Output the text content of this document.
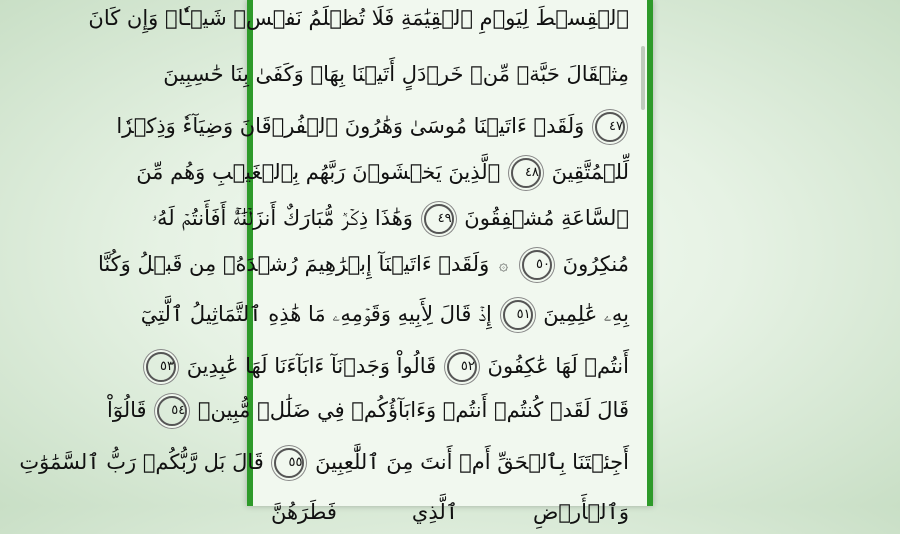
ٱلۡقِسۡطَ لِيَوۡمِ ٱلۡقِيَٰمَةِ فَلَا تُظۡلَمُ نَفۡسٞ شَيۡـٔٗاۖ وَإِن كَانَ
مِثۡقَالَ حَبَّةٖ مِّنۡ خَرۡدَلٍ أَتَيۡنَا بِهَاۗ وَكَفَىٰ بِنَا حَٰسِبِينَ
٤٧ وَلَقَدۡ ءَاتَيۡنَا مُوسَىٰ وَهَٰرُونَ ٱلۡفُرۡقَانَ وَضِيَآءٗ وَذِكۡرٗا
لِّلۡمُتَّقِينَ ٤٨ ٱلَّذِينَ يَخۡشَوۡنَ رَبَّهُم بِٱلۡغَيۡبِ وَهُم مِّنَ
ٱلسَّاعَةِ مُشۡفِقُونَ ٤٩ وَهَٰذَا ذِكۡرٞ مُّبَارَكٌ أَنزَلۡنَٰهُۚ أَفَأَنتُمۡ لَهُۥ
مُنكِرُونَ ٥٠ ۞ وَلَقَدۡ ءَاتَيۡنَآ إِبۡرَٰهِيمَ رُشۡدَهُۥ مِن قَبۡلُ وَكُنَّا
بِهِۦ عَٰلِمِينَ ٥١ إِذۡ قَالَ لِأَبِيهِ وَقَوۡمِهِۦ مَا هَٰذِهِ ٱلتَّمَاثِيلُ ٱلَّتِيٓ
أَنتُمۡ لَهَا عَٰكِفُونَ ٥٢ قَالُواْ وَجَدۡنَآ ءَابَآءَنَا لَهَا عَٰبِدِينَ ٥٣
قَالَ لَقَدۡ كُنتُمۡ أَنتُمۡ وَءَابَآؤُكُمۡ فِي ضَلَٰلٖ مُّبِينٖ ٥٤ قَالُوٓاْ
أَجِئۡتَنَا بِٱلۡحَقِّ أَمۡ أَنتَ مِنَ ٱللَّٰعِبِينَ ٥٥ قَالَ بَل رَّبُّكُمۡ رَبُّ ٱلسَّمَٰوَٰتِ
وَٱلۡأَرۡضِ ٱلَّذِي فَطَرَهُنَّ
